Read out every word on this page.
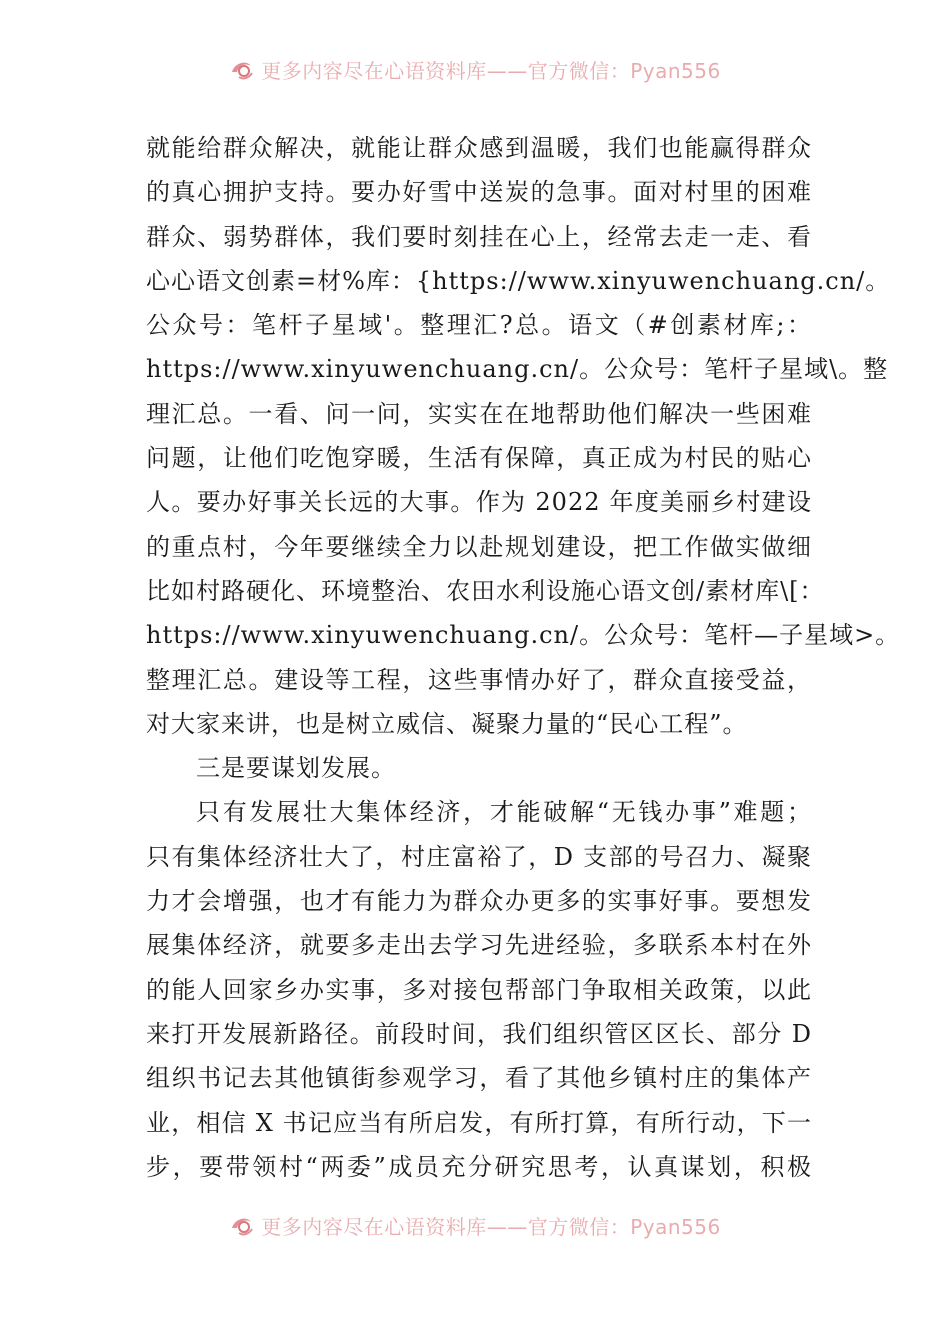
更多内容尽在心语资料库——官方微信：Pyan556
就能给群众解决，就能让群众感到温暖，我们也能赢得群众
的真心拥护支持。要办好雪中送炭的急事。面对村里的困难
群众、弱势群体，我们要时刻挂在心上，经常去走一走、看
心心语文创素=材%库：{https://www.xinyuwenchuang.cn/。
公众号：笔杆子星域'。整理汇?总。语文（#创素材库;：
https://www.xinyuwenchuang.cn/。公众号：笔杆子星域\。整
理汇总。一看、问一问，实实在在地帮助他们解决一些困难
问题，让他们吃饱穿暖，生活有保障，真正成为村民的贴心
人。要办好事关长远的大事。作为 2022 年度美丽乡村建设
的重点村，今年要继续全力以赴规划建设，把工作做实做细
比如村路硬化、环境整治、农田水利设施心语文创/素材库\[：
https://www.xinyuwenchuang.cn/。公众号：笔杆—子星域>。
整理汇总。建设等工程，这些事情办好了，群众直接受益，
对大家来讲，也是树立威信、凝聚力量的“民心工程”。
三是要谋划发展。
只有发展壮大集体经济，才能破解“无钱办事”难题；
只有集体经济壮大了，村庄富裕了，D 支部的号召力、凝聚
力才会增强，也才有能力为群众办更多的实事好事。要想发
展集体经济，就要多走出去学习先进经验，多联系本村在外
的能人回家乡办实事，多对接包帮部门争取相关政策，以此
来打开发展新路径。前段时间，我们组织管区区长、部分 D
组织书记去其他镇街参观学习，看了其他乡镇村庄的集体产
业，相信 X 书记应当有所启发，有所打算，有所行动，下一
步，要带领村“两委”成员充分研究思考，认真谋划，积极
更多内容尽在心语资料库——官方微信：Pyan556
